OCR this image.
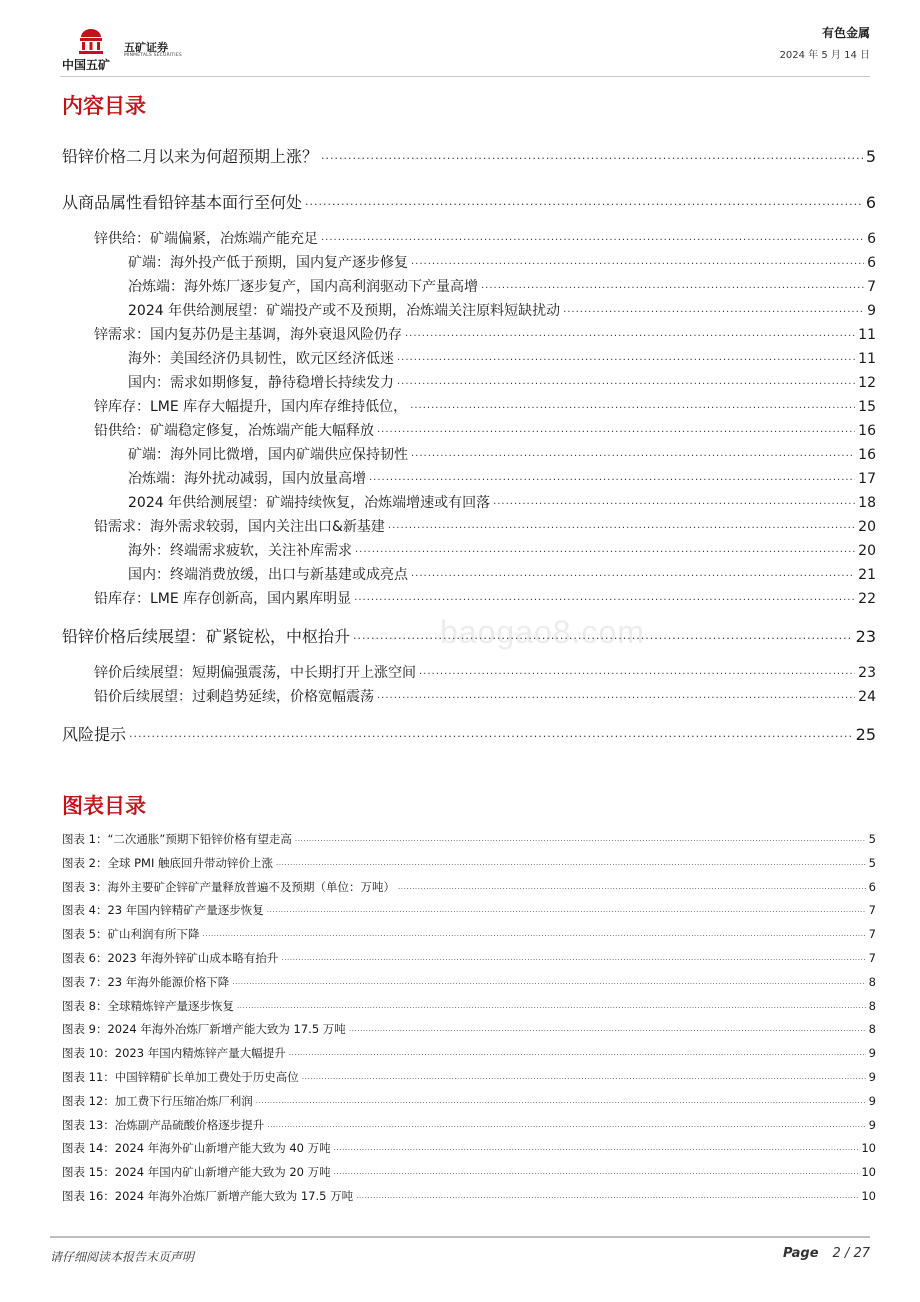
中国五矿
五矿证券
MINMETALS SECURITIES
有色金属
2024 年 5 月 14 日
内容目录
铅锌价格二月以来为何超预期上涨？ .....	5
从商品属性看铅锌基本面行至何处 .....	6
锌供给：矿端偏紧，冶炼端产能充足 .....	6
矿端：海外投产低于预期，国内复产逐步修复 .....	6
冶炼端：海外炼厂逐步复产，国内高利润驱动下产量高增 .....	7
2024 年供给测展望：矿端投产或不及预期，冶炼端关注原料短缺扰动 .....	9
锌需求：国内复苏仍是主基调，海外衰退风险仍存 .....	11
海外：美国经济仍具韧性，欧元区经济低迷 .....	11
国内：需求如期修复，静待稳增长持续发力 .....	12
锌库存：LME 库存大幅提升，国内库存维持低位， .....	15
铅供给：矿端稳定修复，冶炼端产能大幅释放 .....	16
矿端：海外同比微增，国内矿端供应保持韧性 .....	16
冶炼端：海外扰动减弱，国内放量高增 .....	17
2024 年供给测展望：矿端持续恢复，冶炼端增速或有回落 .....	18
铅需求：海外需求较弱，国内关注出口&新基建 .....	20
海外：终端需求疲软，关注补库需求 .....	20
国内：终端消费放缓，出口与新基建或成亮点 .....	21
铅库存：LME 库存创新高，国内累库明显 .....	22
铅锌价格后续展望：矿紧锭松，中枢抬升 .....	23
锌价后续展望：短期偏强震荡，中长期打开上涨空间 .....	23
铅价后续展望：过剩趋势延续，价格宽幅震荡 .....	24
风险提示 .....	25
图表目录
图表 1：“二次通胀”预期下铅锌价格有望走高 .....	5
图表 2：全球 PMI 触底回升带动锌价上涨 .....	5
图表 3：海外主要矿企锌矿产量释放普遍不及预期（单位：万吨） .....	6
图表 4：23 年国内锌精矿产量逐步恢复 .....	7
图表 5：矿山利润有所下降 .....	7
图表 6：2023 年海外锌矿山成本略有抬升 .....	7
图表 7：23 年海外能源价格下降 .....	8
图表 8：全球精炼锌产量逐步恢复 .....	8
图表 9：2024 年海外冶炼厂新增产能大致为 17.5 万吨 .....	8
图表 10：2023 年国内精炼锌产量大幅提升 .....	9
图表 11：中国锌精矿长单加工费处于历史高位 .....	9
图表 12：加工费下行压缩冶炼厂利润 .....	9
图表 13：冶炼副产品硫酸价格逐步提升 .....	9
图表 14：2024 年海外矿山新增产能大致为 40 万吨 .....	10
图表 15：2024 年国内矿山新增产能大致为 20 万吨 .....	10
图表 16：2024 年海外冶炼厂新增产能大致为 17.5 万吨 .....	10
baogao8.com
请仔细阅读本报告末页声明	Page 2 / 27
